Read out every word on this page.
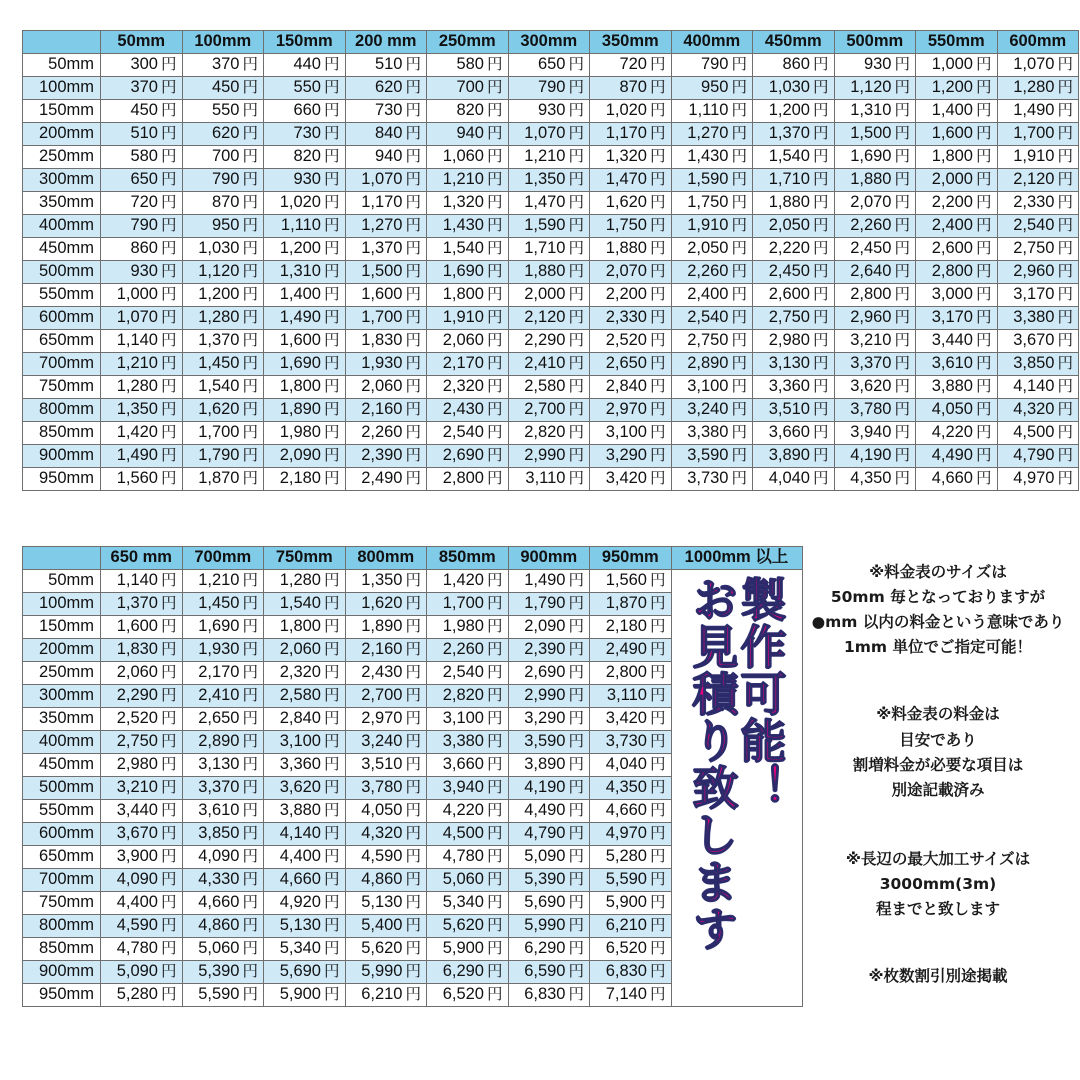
	50mm	100mm	150mm	200 mm	250mm	300mm	350mm	400mm	450mm	500mm	550mm	600mm
50mm	300 円	370 円	440 円	510 円	580 円	650 円	720 円	790 円	860 円	930 円	1,000 円	1,070 円
100mm	370 円	450 円	550 円	620 円	700 円	790 円	870 円	950 円	1,030 円	1,120 円	1,200 円	1,280 円
150mm	450 円	550 円	660 円	730 円	820 円	930 円	1,020 円	1,110 円	1,200 円	1,310 円	1,400 円	1,490 円
200mm	510 円	620 円	730 円	840 円	940 円	1,070 円	1,170 円	1,270 円	1,370 円	1,500 円	1,600 円	1,700 円
250mm	580 円	700 円	820 円	940 円	1,060 円	1,210 円	1,320 円	1,430 円	1,540 円	1,690 円	1,800 円	1,910 円
300mm	650 円	790 円	930 円	1,070 円	1,210 円	1,350 円	1,470 円	1,590 円	1,710 円	1,880 円	2,000 円	2,120 円
350mm	720 円	870 円	1,020 円	1,170 円	1,320 円	1,470 円	1,620 円	1,750 円	1,880 円	2,070 円	2,200 円	2,330 円
400mm	790 円	950 円	1,110 円	1,270 円	1,430 円	1,590 円	1,750 円	1,910 円	2,050 円	2,260 円	2,400 円	2,540 円
450mm	860 円	1,030 円	1,200 円	1,370 円	1,540 円	1,710 円	1,880 円	2,050 円	2,220 円	2,450 円	2,600 円	2,750 円
500mm	930 円	1,120 円	1,310 円	1,500 円	1,690 円	1,880 円	2,070 円	2,260 円	2,450 円	2,640 円	2,800 円	2,960 円
550mm	1,000 円	1,200 円	1,400 円	1,600 円	1,800 円	2,000 円	2,200 円	2,400 円	2,600 円	2,800 円	3,000 円	3,170 円
600mm	1,070 円	1,280 円	1,490 円	1,700 円	1,910 円	2,120 円	2,330 円	2,540 円	2,750 円	2,960 円	3,170 円	3,380 円
650mm	1,140 円	1,370 円	1,600 円	1,830 円	2,060 円	2,290 円	2,520 円	2,750 円	2,980 円	3,210 円	3,440 円	3,670 円
700mm	1,210 円	1,450 円	1,690 円	1,930 円	2,170 円	2,410 円	2,650 円	2,890 円	3,130 円	3,370 円	3,610 円	3,850 円
750mm	1,280 円	1,540 円	1,800 円	2,060 円	2,320 円	2,580 円	2,840 円	3,100 円	3,360 円	3,620 円	3,880 円	4,140 円
800mm	1,350 円	1,620 円	1,890 円	2,160 円	2,430 円	2,700 円	2,970 円	3,240 円	3,510 円	3,780 円	4,050 円	4,320 円
850mm	1,420 円	1,700 円	1,980 円	2,260 円	2,540 円	2,820 円	3,100 円	3,380 円	3,660 円	3,940 円	4,220 円	4,500 円
900mm	1,490 円	1,790 円	2,090 円	2,390 円	2,690 円	2,990 円	3,290 円	3,590 円	3,890 円	4,190 円	4,490 円	4,790 円
950mm	1,560 円	1,870 円	2,180 円	2,490 円	2,800 円	3,110 円	3,420 円	3,730 円	4,040 円	4,350 円	4,660 円	4,970 円
	650 mm	700mm	750mm	800mm	850mm	900mm	950mm	1000mm 以上
50mm	1,140 円	1,210 円	1,280 円	1,350 円	1,420 円	1,490 円	1,560 円	製作可能！
お見積り致します

100mm	1,370 円	1,450 円	1,540 円	1,620 円	1,700 円	1,790 円	1,870 円	
150mm	1,600 円	1,690 円	1,800 円	1,890 円	1,980 円	2,090 円	2,180 円	
200mm	1,830 円	1,930 円	2,060 円	2,160 円	2,260 円	2,390 円	2,490 円	
250mm	2,060 円	2,170 円	2,320 円	2,430 円	2,540 円	2,690 円	2,800 円	
300mm	2,290 円	2,410 円	2,580 円	2,700 円	2,820 円	2,990 円	3,110 円	
350mm	2,520 円	2,650 円	2,840 円	2,970 円	3,100 円	3,290 円	3,420 円	
400mm	2,750 円	2,890 円	3,100 円	3,240 円	3,380 円	3,590 円	3,730 円	
450mm	2,980 円	3,130 円	3,360 円	3,510 円	3,660 円	3,890 円	4,040 円	
500mm	3,210 円	3,370 円	3,620 円	3,780 円	3,940 円	4,190 円	4,350 円	
550mm	3,440 円	3,610 円	3,880 円	4,050 円	4,220 円	4,490 円	4,660 円	
600mm	3,670 円	3,850 円	4,140 円	4,320 円	4,500 円	4,790 円	4,970 円	
650mm	3,900 円	4,090 円	4,400 円	4,590 円	4,780 円	5,090 円	5,280 円	
700mm	4,090 円	4,330 円	4,660 円	4,860 円	5,060 円	5,390 円	5,590 円	
750mm	4,400 円	4,660 円	4,920 円	5,130 円	5,340 円	5,690 円	5,900 円	
800mm	4,590 円	4,860 円	5,130 円	5,400 円	5,620 円	5,990 円	6,210 円	
850mm	4,780 円	5,060 円	5,340 円	5,620 円	5,900 円	6,290 円	6,520 円	
900mm	5,090 円	5,390 円	5,690 円	5,990 円	6,290 円	6,590 円	6,830 円	
950mm	5,280 円	5,590 円	5,900 円	6,210 円	6,520 円	6,830 円	7,140 円	
※料金表のサイズは
50mm 毎となっておりますが
●mm 以内の料金という意味であり
1mm 単位でご指定可能！
※料金表の料金は
目安であり
割増料金が必要な項目は
別途記載済み
※長辺の最大加工サイズは
3000mm(3m)
程までと致します
※枚数割引別途掲載
